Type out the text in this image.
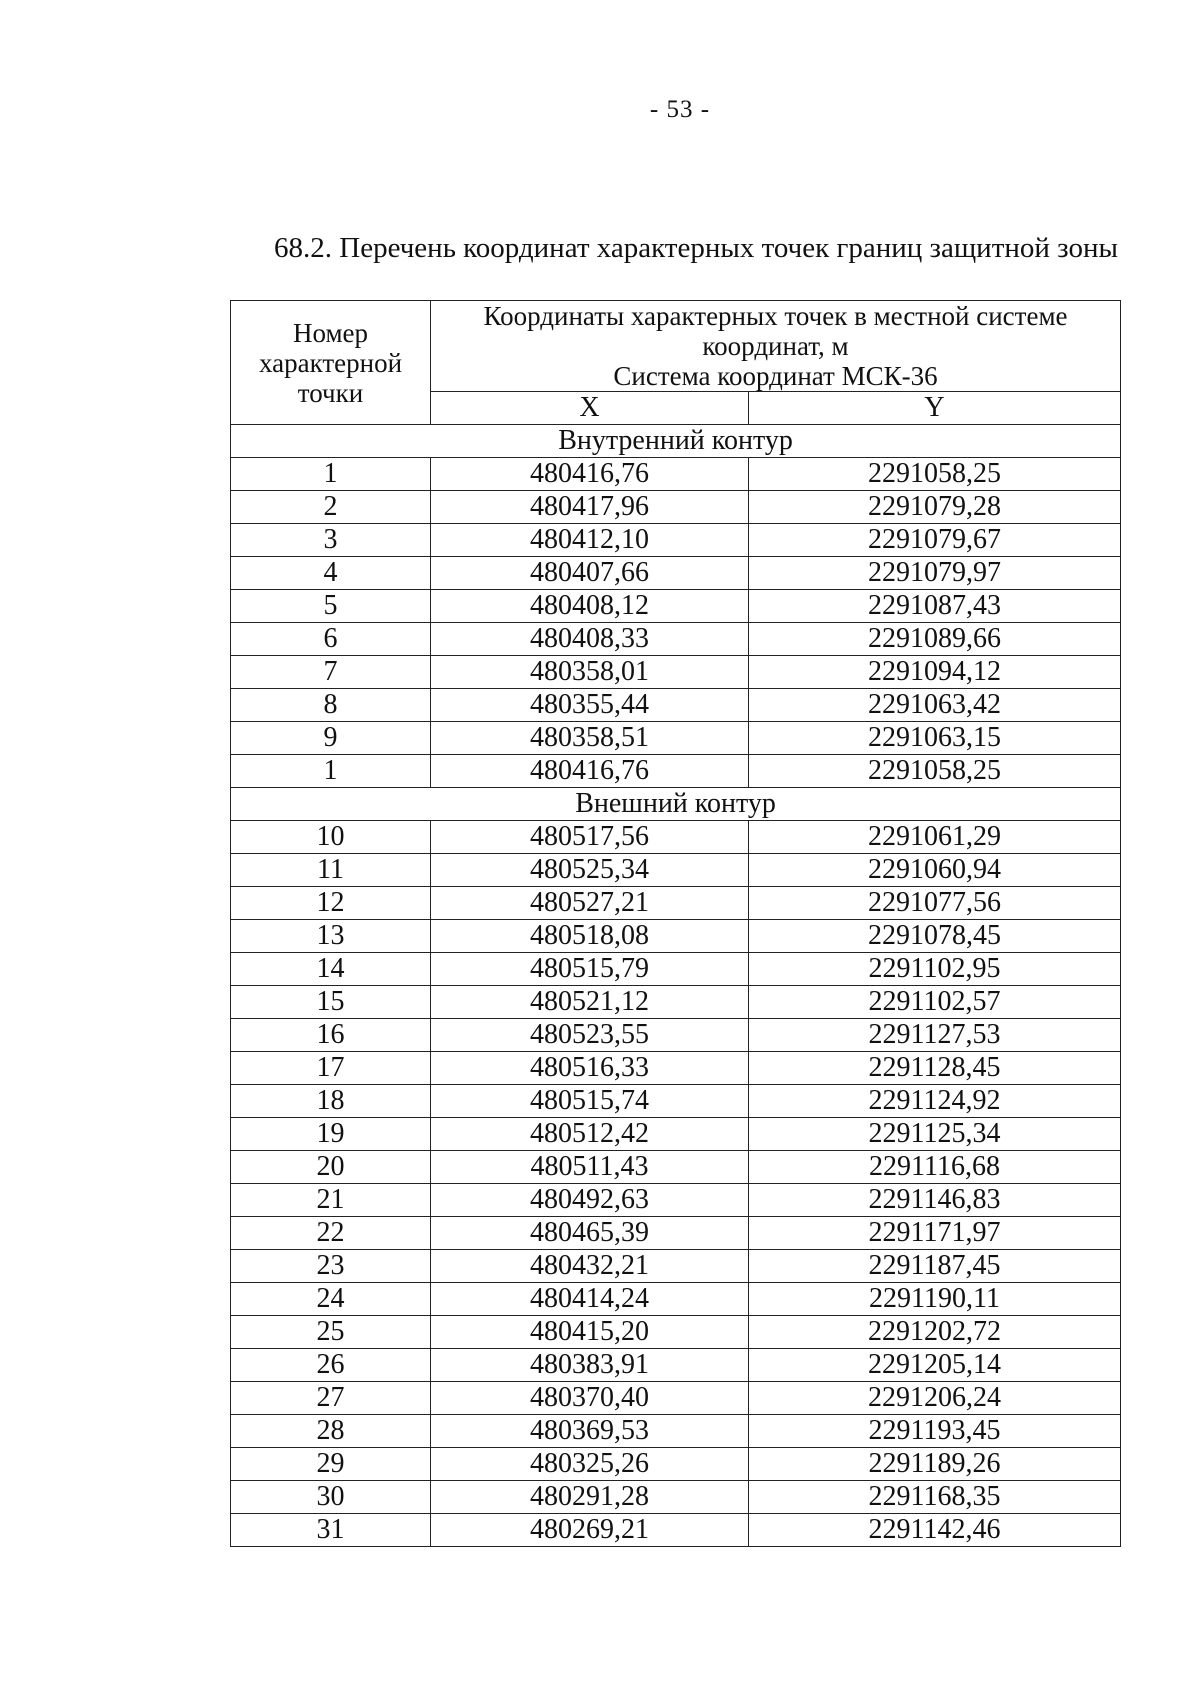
- 53 -
68.2. Перечень координат характерных точек границ защитной зоны
Номер характерной точки	Координаты характерных точек в местной системе координат, м
Система координат МСК-36	
	X	Y
Внутренний контур		
1	480416,76	2291058,25
2	480417,96	2291079,28
3	480412,10	2291079,67
4	480407,66	2291079,97
5	480408,12	2291087,43
6	480408,33	2291089,66
7	480358,01	2291094,12
8	480355,44	2291063,42
9	480358,51	2291063,15
1	480416,76	2291058,25
Внешний контур		
10	480517,56	2291061,29
11	480525,34	2291060,94
12	480527,21	2291077,56
13	480518,08	2291078,45
14	480515,79	2291102,95
15	480521,12	2291102,57
16	480523,55	2291127,53
17	480516,33	2291128,45
18	480515,74	2291124,92
19	480512,42	2291125,34
20	480511,43	2291116,68
21	480492,63	2291146,83
22	480465,39	2291171,97
23	480432,21	2291187,45
24	480414,24	2291190,11
25	480415,20	2291202,72
26	480383,91	2291205,14
27	480370,40	2291206,24
28	480369,53	2291193,45
29	480325,26	2291189,26
30	480291,28	2291168,35
31	480269,21	2291142,46
